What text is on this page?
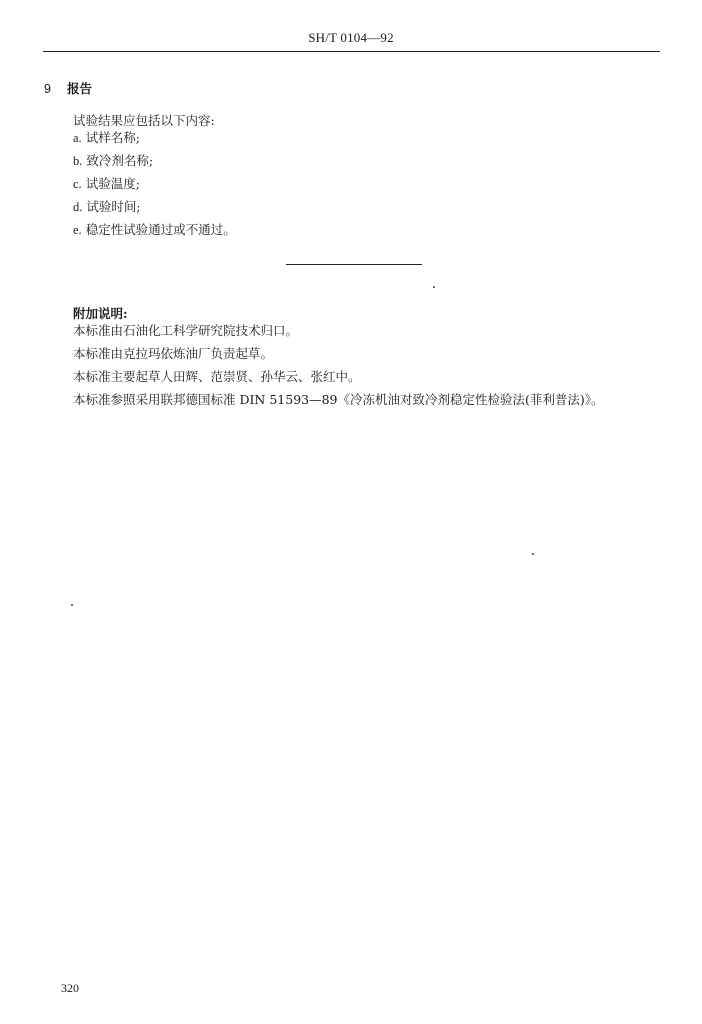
SH/T 0104—92
9 报告
试验结果应包括以下内容:
a. 试样名称;
b. 致冷剂名称;
c. 试验温度;
d. 试验时间;
e. 稳定性试验通过或不通过。
附加说明:
本标准由石油化工科学研究院技术归口。
本标准由克拉玛依炼油厂负责起草。
本标准主要起草人田辉、范崇贤、孙华云、张红中。
本标准参照采用联邦德国标准 DIN 51593—89《冷冻机油对致冷剂稳定性检验法(菲利普法)》。
320
